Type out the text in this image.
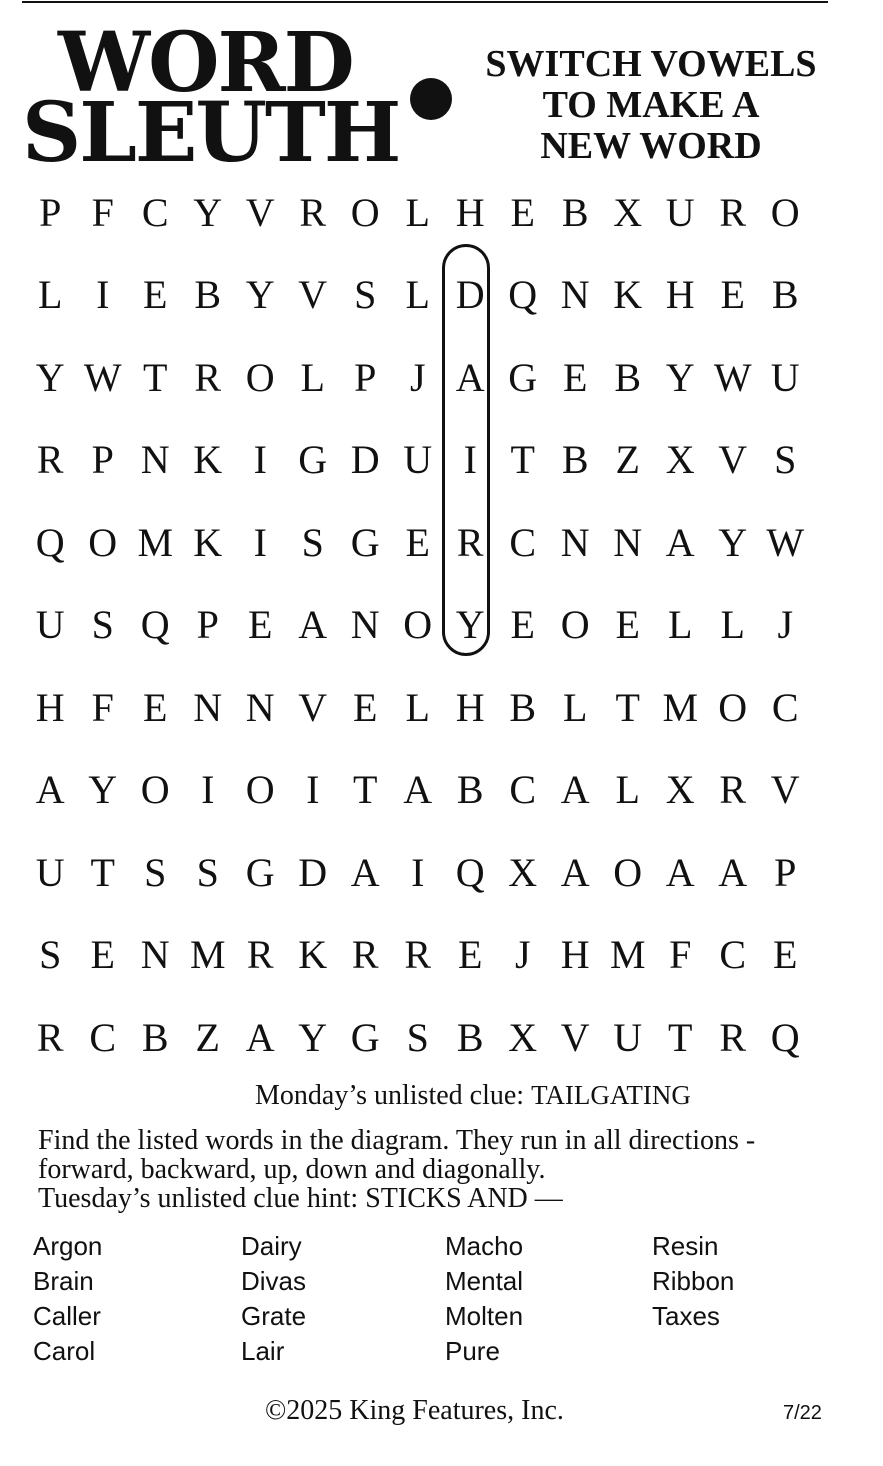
WORD
SLEUTH
SWITCH VOWELS
TO MAKE A
NEW WORD
P F C Y V R O L H E B X U R O
L I E B Y V S L D Q N K H E B
Y W T R O L P J A G E B Y W U
R P N K I G D U I T B Z X V S
Q O M K I S G E R C N N A Y W
U S Q P E A N O Y E O E L L J
H F E N N V E L H B L T M O C
A Y O I O I T A B C A L X R V
U T S S G D A I Q X A O A A P
S E N M R K R R E J H M F C E
R C B Z A Y G S B X V U T R Q
Monday’s unlisted clue: TAILGATING
Find the listed words in the diagram. They run in all directions -
forward, backward, up, down and diagonally.
Tuesday’s unlisted clue hint: STICKS AND —
Argon
Brain
Caller
Carol
Dairy
Divas
Grate
Lair
Macho
Mental
Molten
Pure
Resin
Ribbon
Taxes
©2025 King Features, Inc.	7/22
